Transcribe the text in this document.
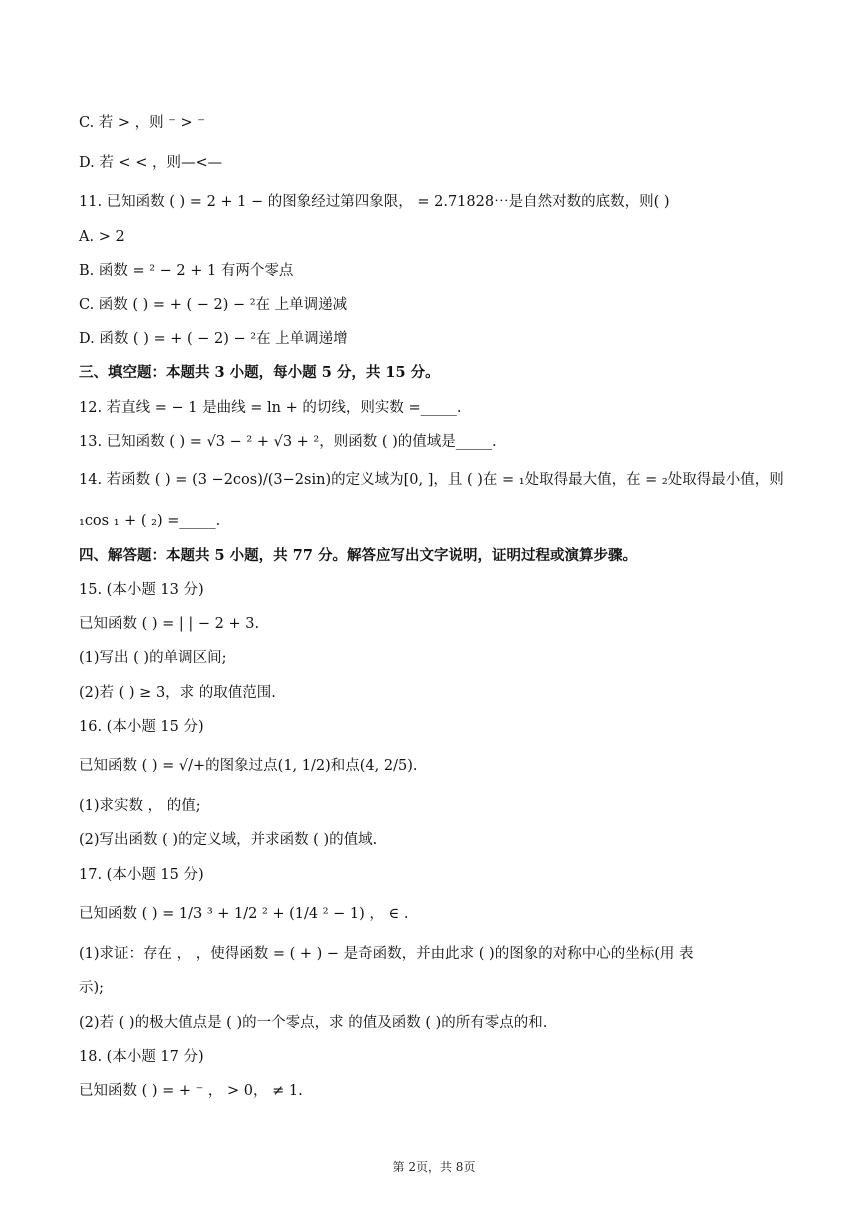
C. 若 > ，则 ⁻ > ⁻
D. 若 < < ，则—<—
11. 已知函数 ( ) = 2 + 1 − 的图象经过第四象限， = 2.71828⋯是自然对数的底数，则( )
A. > 2
B. 函数 = ² − 2 + 1 有两个零点
C. 函数 ( ) = + ( − 2) − ²在 上单调递减
D. 函数 ( ) = + ( − 2) − ²在 上单调递增
三、填空题：本题共 3 小题，每小题 5 分，共 15 分。
12. 若直线 = − 1 是曲线 = ln + 的切线，则实数 =_____.
13. 已知函数 ( ) = √3 − ² + √3 + ²，则函数 ( )的值域是_____.
14. 若函数 ( ) = (3 −2cos)/(3−2sin)的定义域为[0, ]，且 ( )在 = ₁处取得最大值，在 = ₂处取得最小值，则
₁cos ₁ + ( ₂) =_____.
四、解答题：本题共 5 小题，共 77 分。解答应写出文字说明，证明过程或演算步骤。
15. (本小题 13 分)
已知函数 ( ) = | | − 2 + 3.
(1)写出 ( )的单调区间;
(2)若 ( ) ≥ 3，求 的取值范围.
16. (本小题 15 分)
已知函数 ( ) = √/+的图象过点(1, 1/2)和点(4, 2/5).
(1)求实数 ， 的值;
(2)写出函数 ( )的定义域，并求函数 ( )的值域.
17. (本小题 15 分)
已知函数 ( ) = 1/3 ³ + 1/2 ² + (1/4 ² − 1) ， ∈ .
(1)求证：存在 ， ，使得函数 = ( + ) − 是奇函数，并由此求 ( )的图象的对称中心的坐标(用 表
示);
(2)若 ( )的极大值点是 ( )的一个零点，求 的值及函数 ( )的所有零点的和.
18. (本小题 17 分)
已知函数 ( ) = + ⁻ ， > 0， ≠ 1.
第 2页，共 8页
